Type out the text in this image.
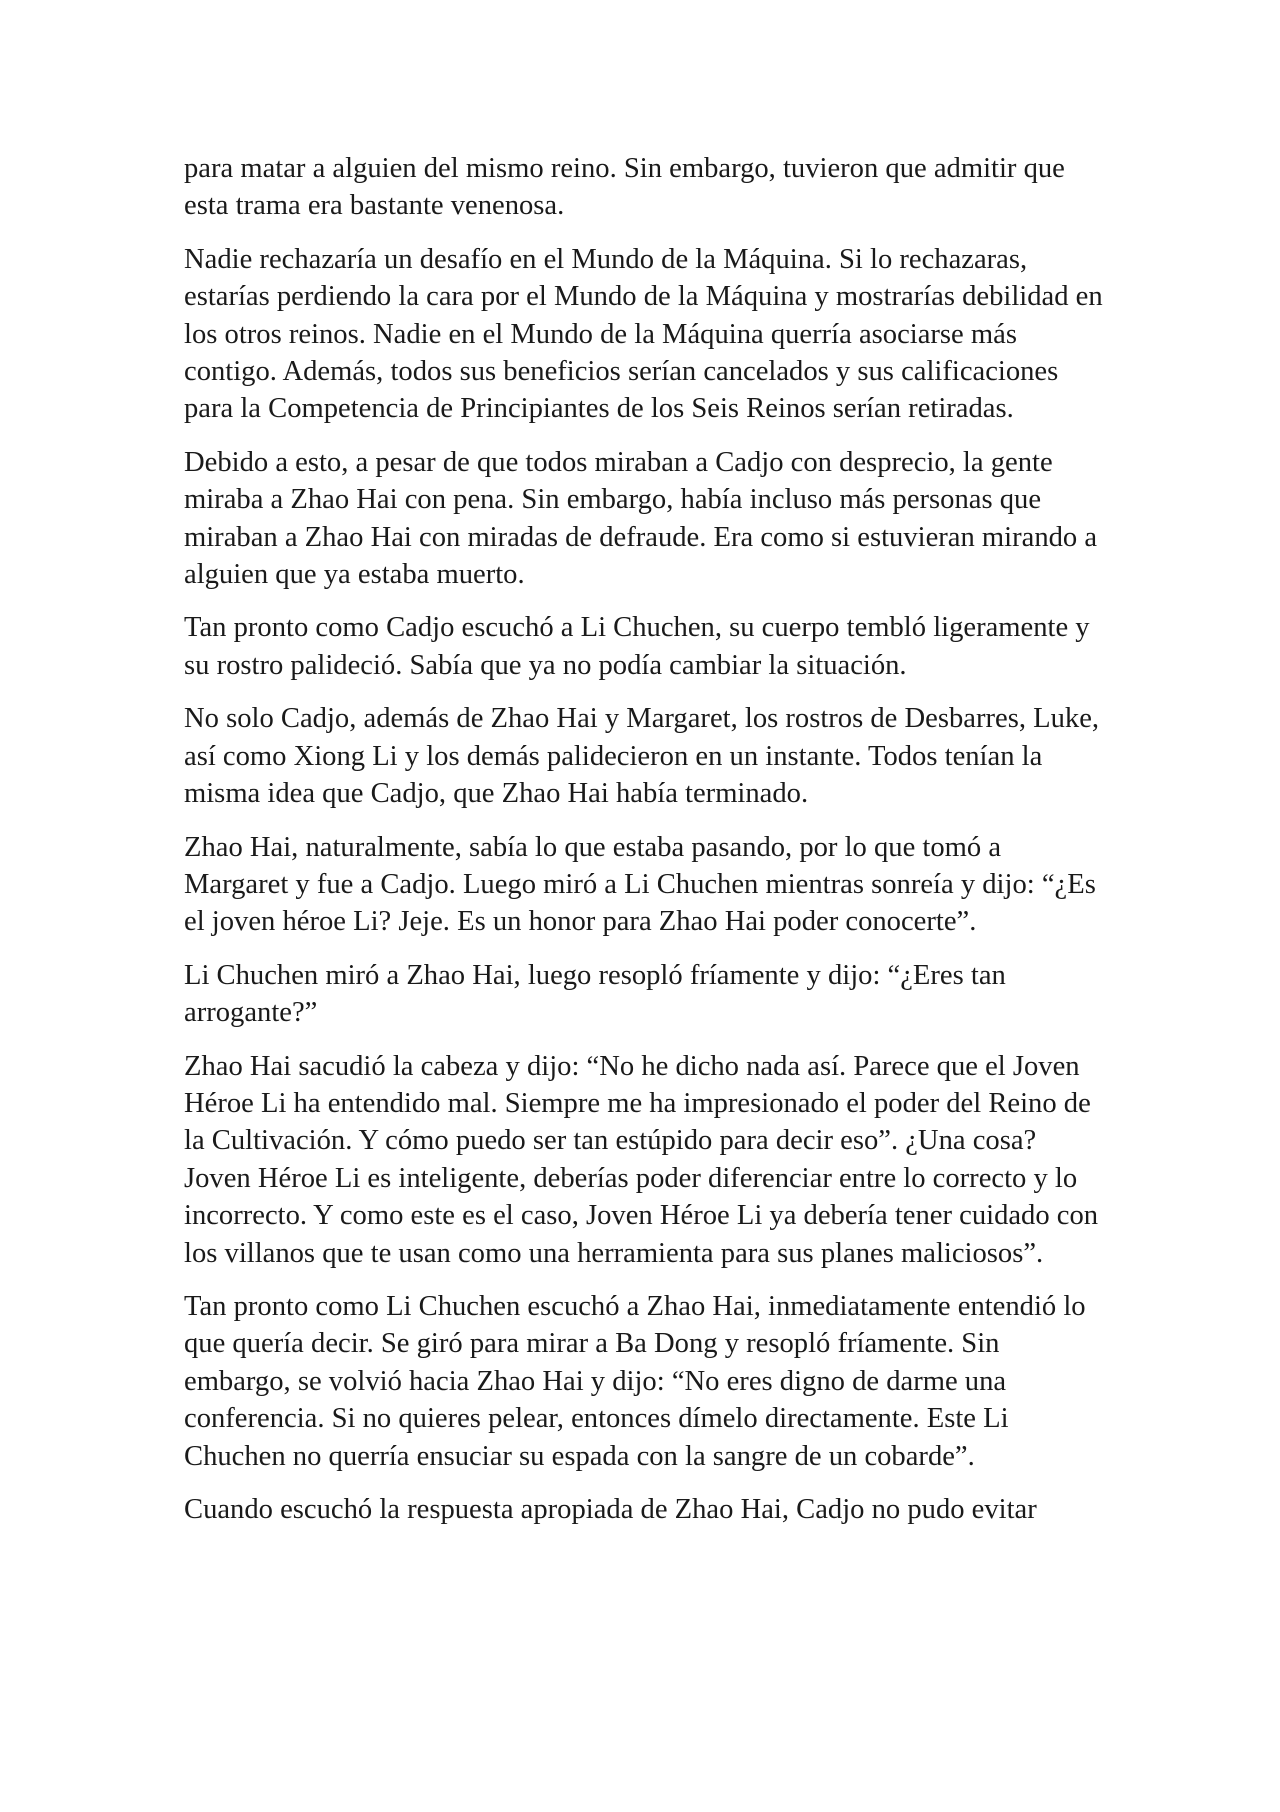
para matar a alguien del mismo reino. Sin embargo, tuvieron que admitir que esta trama era bastante venenosa.

Nadie rechazaría un desafío en el Mundo de la Máquina. Si lo rechazaras, estarías perdiendo la cara por el Mundo de la Máquina y mostrarías debilidad en los otros reinos. Nadie en el Mundo de la Máquina querría asociarse más contigo. Además, todos sus beneficios serían cancelados y sus calificaciones para la Competencia de Principiantes de los Seis Reinos serían retiradas.

Debido a esto, a pesar de que todos miraban a Cadjo con desprecio, la gente miraba a Zhao Hai con pena. Sin embargo, había incluso más personas que miraban a Zhao Hai con miradas de defraude. Era como si estuvieran mirando a alguien que ya estaba muerto.

Tan pronto como Cadjo escuchó a Li Chuchen, su cuerpo tembló ligeramente y su rostro palideció. Sabía que ya no podía cambiar la situación.

No solo Cadjo, además de Zhao Hai y Margaret, los rostros de Desbarres, Luke, así como Xiong Li y los demás palidecieron en un instante. Todos tenían la misma idea que Cadjo, que Zhao Hai había terminado.

Zhao Hai, naturalmente, sabía lo que estaba pasando, por lo que tomó a Margaret y fue a Cadjo. Luego miró a Li Chuchen mientras sonreía y dijo: “¿Es el joven héroe Li? Jeje. Es un honor para Zhao Hai poder conocerte”.

Li Chuchen miró a Zhao Hai, luego resopló fríamente y dijo: “¿Eres tan arrogante?”

Zhao Hai sacudió la cabeza y dijo: “No he dicho nada así. Parece que el Joven Héroe Li ha entendido mal. Siempre me ha impresionado el poder del Reino de la Cultivación. Y cómo puedo ser tan estúpido para decir eso”. ¿Una cosa? Joven Héroe Li es inteligente, deberías poder diferenciar entre lo correcto y lo incorrecto. Y como este es el caso, Joven Héroe Li ya debería tener cuidado con los villanos que te usan como una herramienta para sus planes maliciosos”.

Tan pronto como Li Chuchen escuchó a Zhao Hai, inmediatamente entendió lo que quería decir. Se giró para mirar a Ba Dong y resopló fríamente. Sin embargo, se volvió hacia Zhao Hai y dijo: “No eres digno de darme una conferencia. Si no quieres pelear, entonces dímelo directamente. Este Li Chuchen no querría ensuciar su espada con la sangre de un cobarde”.

Cuando escuchó la respuesta apropiada de Zhao Hai, Cadjo no pudo evitar
